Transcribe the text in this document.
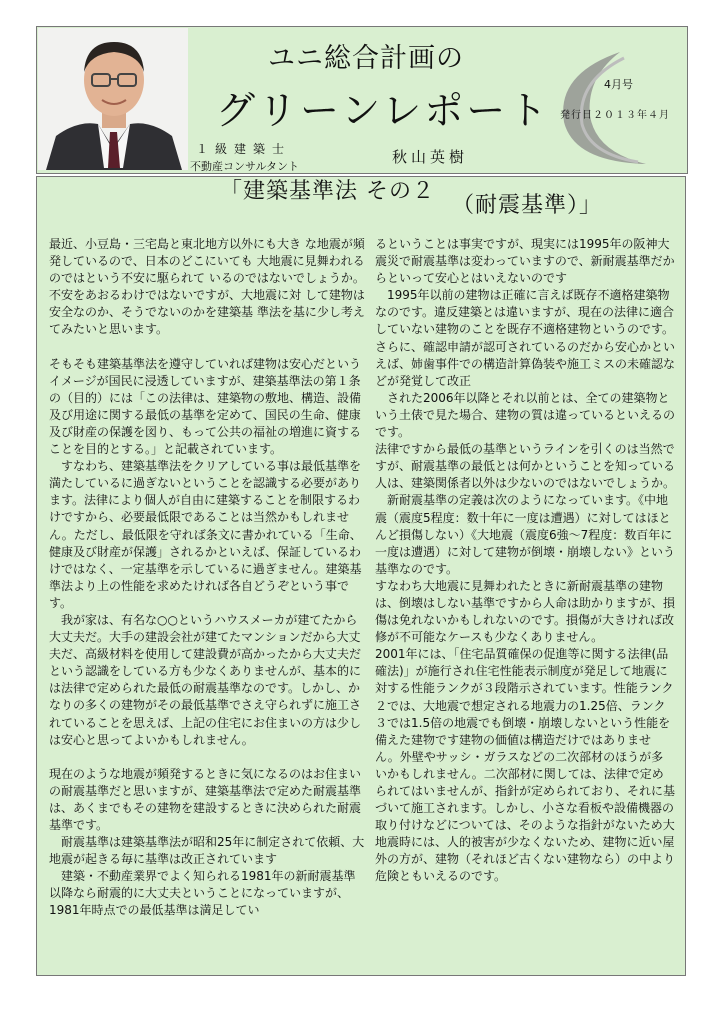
ユニ総合計画の
グリーンレポート
１級建築士
不動産コンサルタント
秋山英樹
4月号
発行日２０１３年４月
「建築基準法 その２
（耐震基準）」

最近、小豆島・三宅島と東北地方以外にも大き な地震が頻発しているので、日本のどこにいても 大地震に見舞われるのではという不安に駆られて いるのではないでしょうか。

不安をあおるわけではないですが、大地震に対 して建物は安全なのか、そうでないのかを建築基 準法を基に少し考えてみたいと思います。

そもそも建築基準法を遵守していれば建物は安心だというイメージが国民に浸透していますが、建築基準法の第１条の（目的）には「この法律は、建築物の敷地、構造、設備及び用途に関する最低の基準を定めて、国民の生命、健康及び財産の保護を図り、もって公共の福祉の増進に資することを目的とする。」と記載されています。

　すなわち、建築基準法をクリアしている事は最低基準を満たしているに過ぎないということを認識する必要があります。法律により個人が自由に建築することを制限するわけですから、必要最低限であることは当然かもしれません。ただし、最低限を守れば条文に書かれている「生命、健康及び財産が保護」されるかといえば、保証しているわけではなく、一定基準を示しているに過ぎません。建築基準法より上の性能を求めたければ各自どうぞという事です。

　我が家は、有名な○○というハウスメーカが建てたから大丈夫だ。大手の建設会社が建てたマンションだから大丈夫だ、高級材料を使用して建設費が高かったから大丈夫だという認識をしている方も少なくありませんが、基本的には法律で定められた最低の耐震基準なのです。しかし、かなりの多くの建物がその最低基準でさえ守られずに施工されていることを思えば、上記の住宅にお住まいの方は少しは安心と思ってよいかもしれません。

現在のような地震が頻発するときに気になるのはお住まいの耐震基準だと思いますが、建築基準法で定めた耐震基準は、あくまでもその建物を建設するときに決められた耐震基準です。

　耐震基準は建築基準法が昭和25年に制定されて依頼、大地震が起きる毎に基準は改正されています

　建築・不動産業界でよく知られる1981年の新耐震基準以降なら耐震的に大丈夫ということになっていますが、1981年時点での最低基準は満足してい

るということは事実ですが、現実には1995年の阪神大震災で耐震基準は変わっていますので、新耐震基準だからといって安心とはいえないのです

　1995年以前の建物は正確に言えば既存不適格建築物なのです。違反建築とは違いますが、現在の法律に適合していない建物のことを既存不適格建物というのです。さらに、確認申請が認可されているのだから安心かといえば、姉歯事件での構造計算偽装や施工ミスの未確認などが発覚して改正

　された2006年以降とそれ以前とは、全ての建築物という土俵で見た場合、建物の質は違っているといえるのです。

法律ですから最低の基準というラインを引くのは当然ですが、耐震基準の最低とは何かということを知っている人は、建築関係者以外は少ないのではないでしょうか。

　新耐震基準の定義は次のようになっています。《中地震（震度5程度：数十年に一度は遭遇）に対してはほとんど損傷しない）《大地震（震度6強〜7程度：数百年に一度は遭遇）に対して建物が倒壊・崩壊しない》という基準なのです。

すなわち大地震に見舞われたときに新耐震基準の建物は、倒壊はしない基準ですから人命は助かりますが、損傷は免れないかもしれないのです。損傷が大きければ改修が不可能なケースも少なくありません。

2001年には、「住宅品質確保の促進等に関する法律(品確法)」が施行され住宅性能表示制度が発足して地震に対する性能ランクが３段階示されています。性能ランク２では、大地震で想定される地震力の1.25倍、ランク３では1.5倍の地震でも倒壊・崩壊しないという性能を備えた建物です建物の価値は構造だけではありません。外壁やサッシ・ガラスなどの二次部材のほうが多いかもしれません。二次部材に関しては、法律で定められてはいませんが、指針が定められており、それに基づいて施工されます。しかし、小さな看板や設備機器の取り付けなどについては、そのような指針がないため大地震時には、人的被害が少なくないため、建物に近い屋外の方が、建物（それほど古くない建物なら）の中より危険ともいえるのです。
